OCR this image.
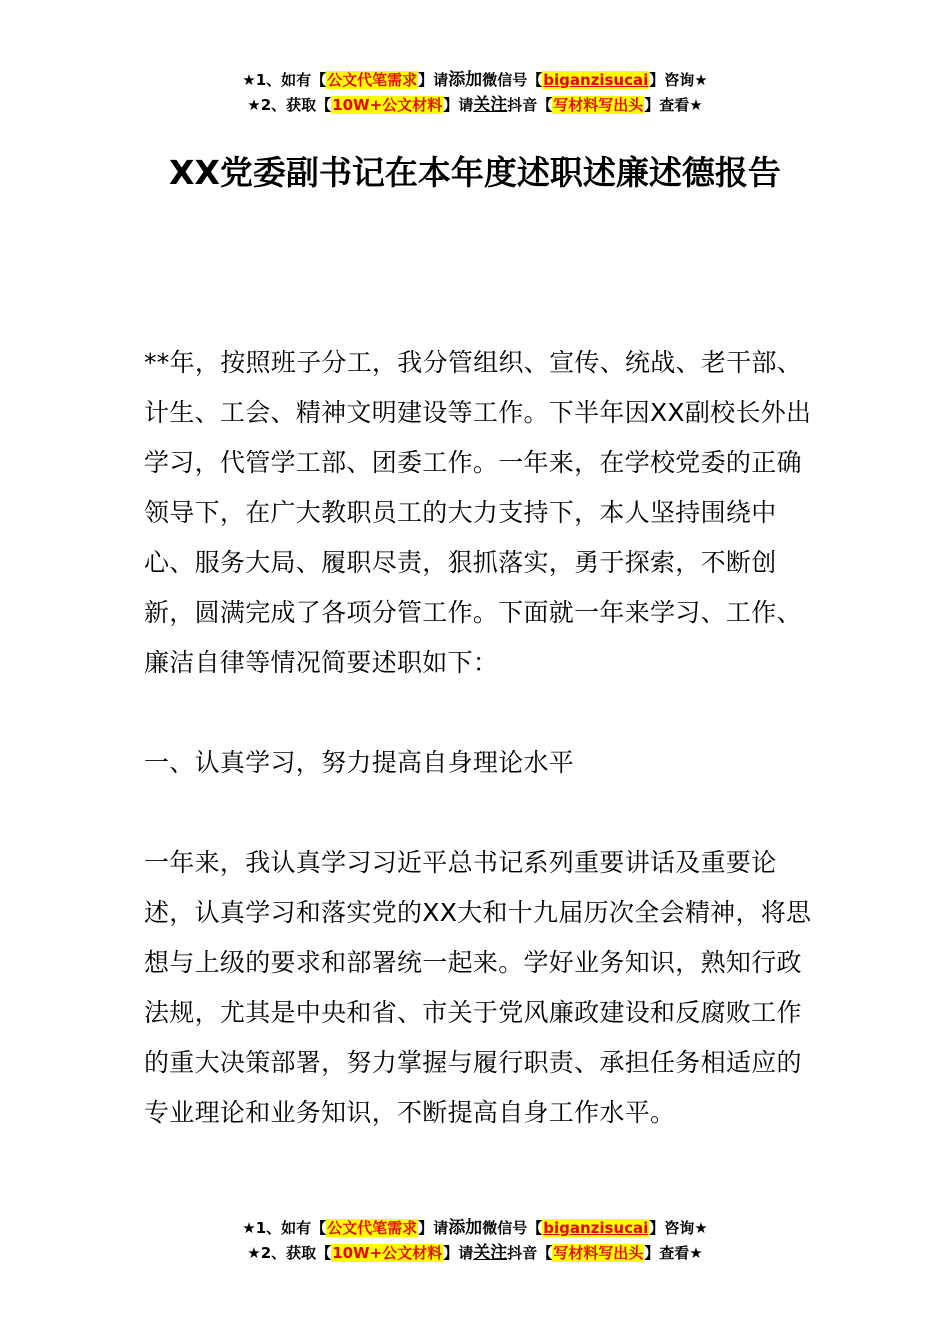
★1、如有【公文代笔需求】请添加微信号【biganzisucai】咨询★
★2、获取【10W+公文材料】请关注抖音【写材料写出头】查看★
XX党委副书记在本年度述职述廉述德报告

**年，按照班子分工，我分管组织、宣传、统战、老干部、计生、工会、精神文明建设等工作。下半年因XX副校长外出学习，代管学工部、团委工作。一年来，在学校党委的正确领导下，在广大教职员工的大力支持下，本人坚持围绕中心、服务大局、履职尽责，狠抓落实，勇于探索，不断创新，圆满完成了各项分管工作。下面就一年来学习、工作、廉洁自律等情况简要述职如下：

一、认真学习，努力提高自身理论水平

一年来，我认真学习习近平总书记系列重要讲话及重要论述，认真学习和落实党的XX大和十九届历次全会精神，将思想与上级的要求和部署统一起来。学好业务知识，熟知行政法规，尤其是中央和省、市关于党风廉政建设和反腐败工作的重大决策部署，努力掌握与履行职责、承担任务相适应的专业理论和业务知识，不断提高自身工作水平。

★1、如有【公文代笔需求】请添加微信号【biganzisucai】咨询★
★2、获取【10W+公文材料】请关注抖音【写材料写出头】查看★
